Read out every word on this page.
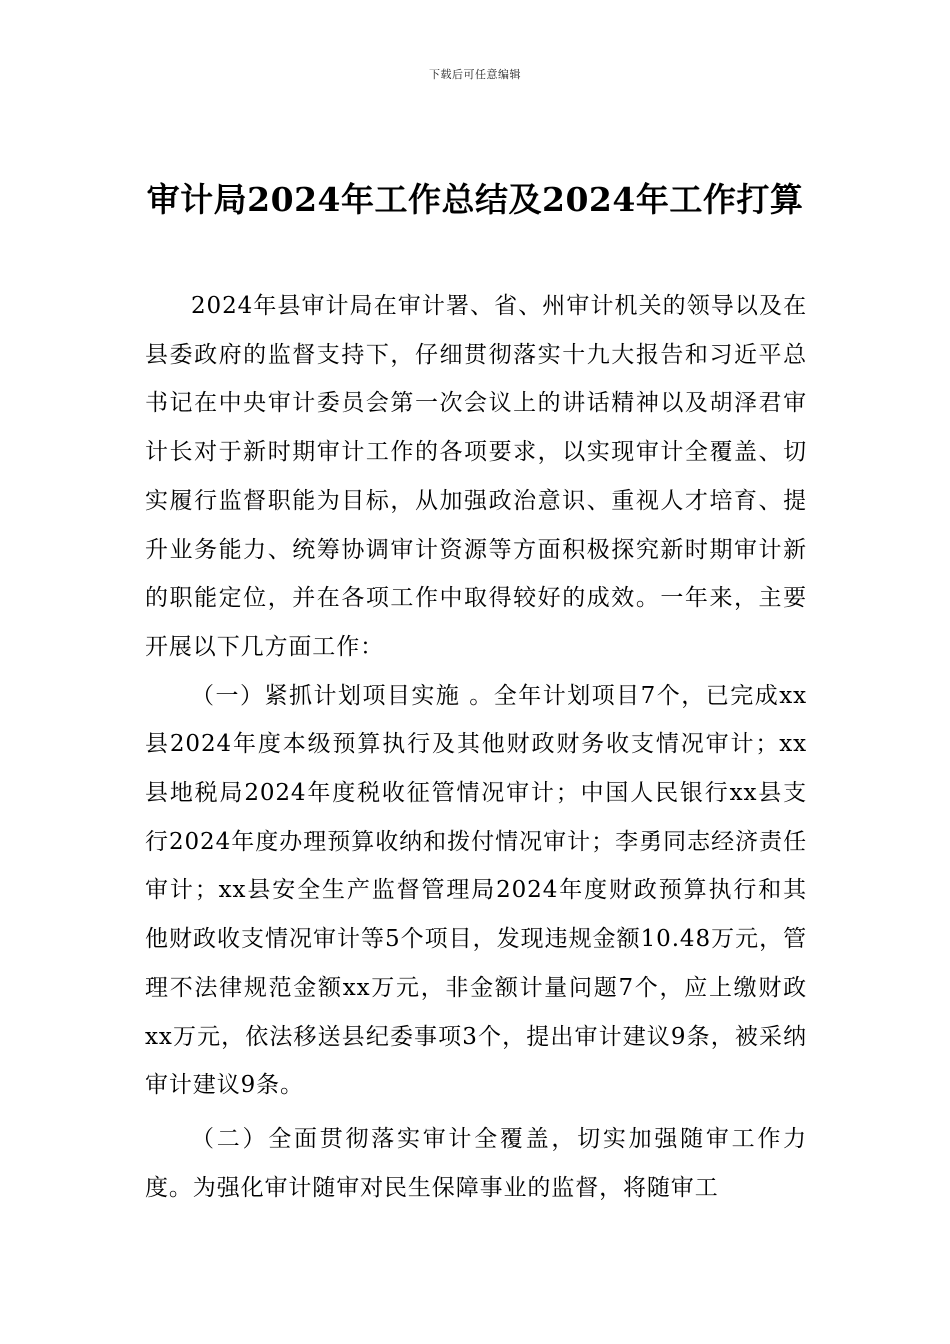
下载后可任意编辑
审计局2024年工作总结及2024年工作打算

2024年县审计局在审计署、省、州审计机关的领导以及在县委政府的监督支持下，仔细贯彻落实十九大报告和习近平总书记在中央审计委员会第一次会议上的讲话精神以及胡泽君审计长对于新时期审计工作的各项要求，以实现审计全覆盖、切实履行监督职能为目标，从加强政治意识、重视人才培育、提升业务能力、统筹协调审计资源等方面积极探究新时期审计新的职能定位，并在各项工作中取得较好的成效。一年来，主要开展以下几方面工作：

（一）紧抓计划项目实施 。全年计划项目7个，已完成xx县2024年度本级预算执行及其他财政财务收支情况审计；xx县地税局2024年度税收征管情况审计；中国人民银行xx县支行2024年度办理预算收纳和拨付情况审计；李勇同志经济责任审计；xx县安全生产监督管理局2024年度财政预算执行和其他财政收支情况审计等5个项目，发现违规金额10.48万元，管理不法律规范金额xx万元，非金额计量问题7个，应上缴财政xx万元，依法移送县纪委事项3个，提出审计建议9条，被采纳审计建议9条。

（二）全面贯彻落实审计全覆盖，切实加强随审工作力度。为强化审计随审对民生保障事业的监督，将随审工
